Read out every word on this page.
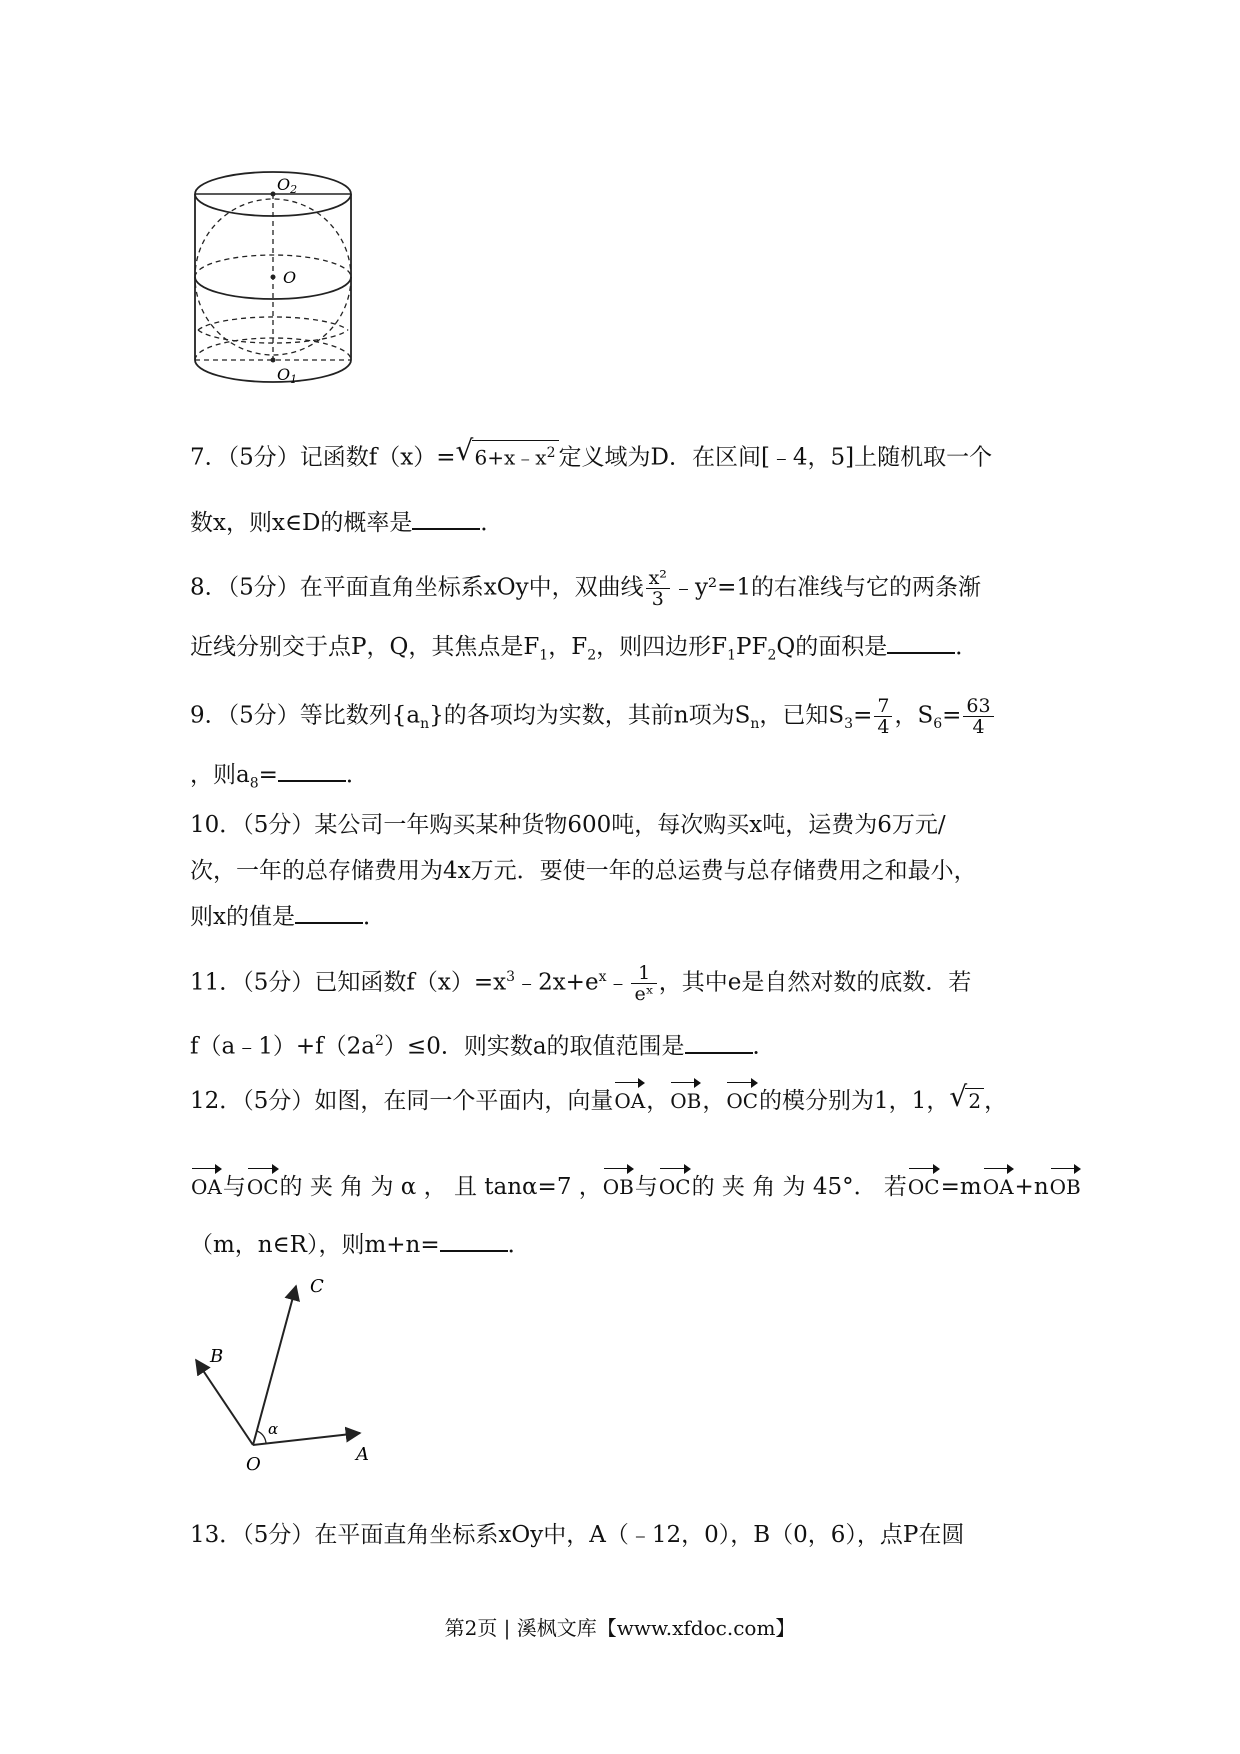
O2
O
O1
7．（5分）记函数f（x）= √ $6+x﹣x^2$ 定义域为D．在区间[﹣4，5]上随机取一个
数x，则x∈D的概率是	．
8．（5分）在平面直角坐标系xOy中，双曲线 $\frac{\text{x²}}{3}$ ﹣y²=1的右准线与它的两条渐
近线分别交于点P，Q，其焦点是$F_1$，$F_2$，则四边形$F_1PF_2Q$的面积是	．
9．（5分）等比数列$\{a_n\}$的各项均为实数，其前n项为$S_n$，已知$S_3= \frac{7}{4}$ ，$S_6= \frac{63}{4}$
，则$a_8=$	．
10．（5分）某公司一年购买某种货物600吨，每次购买x吨，运费为6万元/
次，一年的总存储费用为4x万元．要使一年的总运费与总存储费用之和最小，
则x的值是	．
11．（5分）已知函数$f(x)=x^3﹣2x+e^x﹣ \frac{1}{\text{eˣ}}$ ，其中e是自然对数的底数．若
$f(a﹣1)+f(2a^2)\le 0$．则实数a的取值范围是	．
12．（5分）如图，在同一个平面内，向量OA，OB，OC的模分别为1，1， √ 2 ，
OA与OC的 夹 角 为 α ， 且 tanα=7 ，OB与OC的 夹 角 为 45°． 若OC=mOA+nOB
（m，n∈R），则m+n=	．
C
B
A
O
α
13．（5分）在平面直角坐标系xOy中，A（﹣12，0），B（0，6），点P在圆
第2页 | 溪枫文库【www.xfdoc.com】
